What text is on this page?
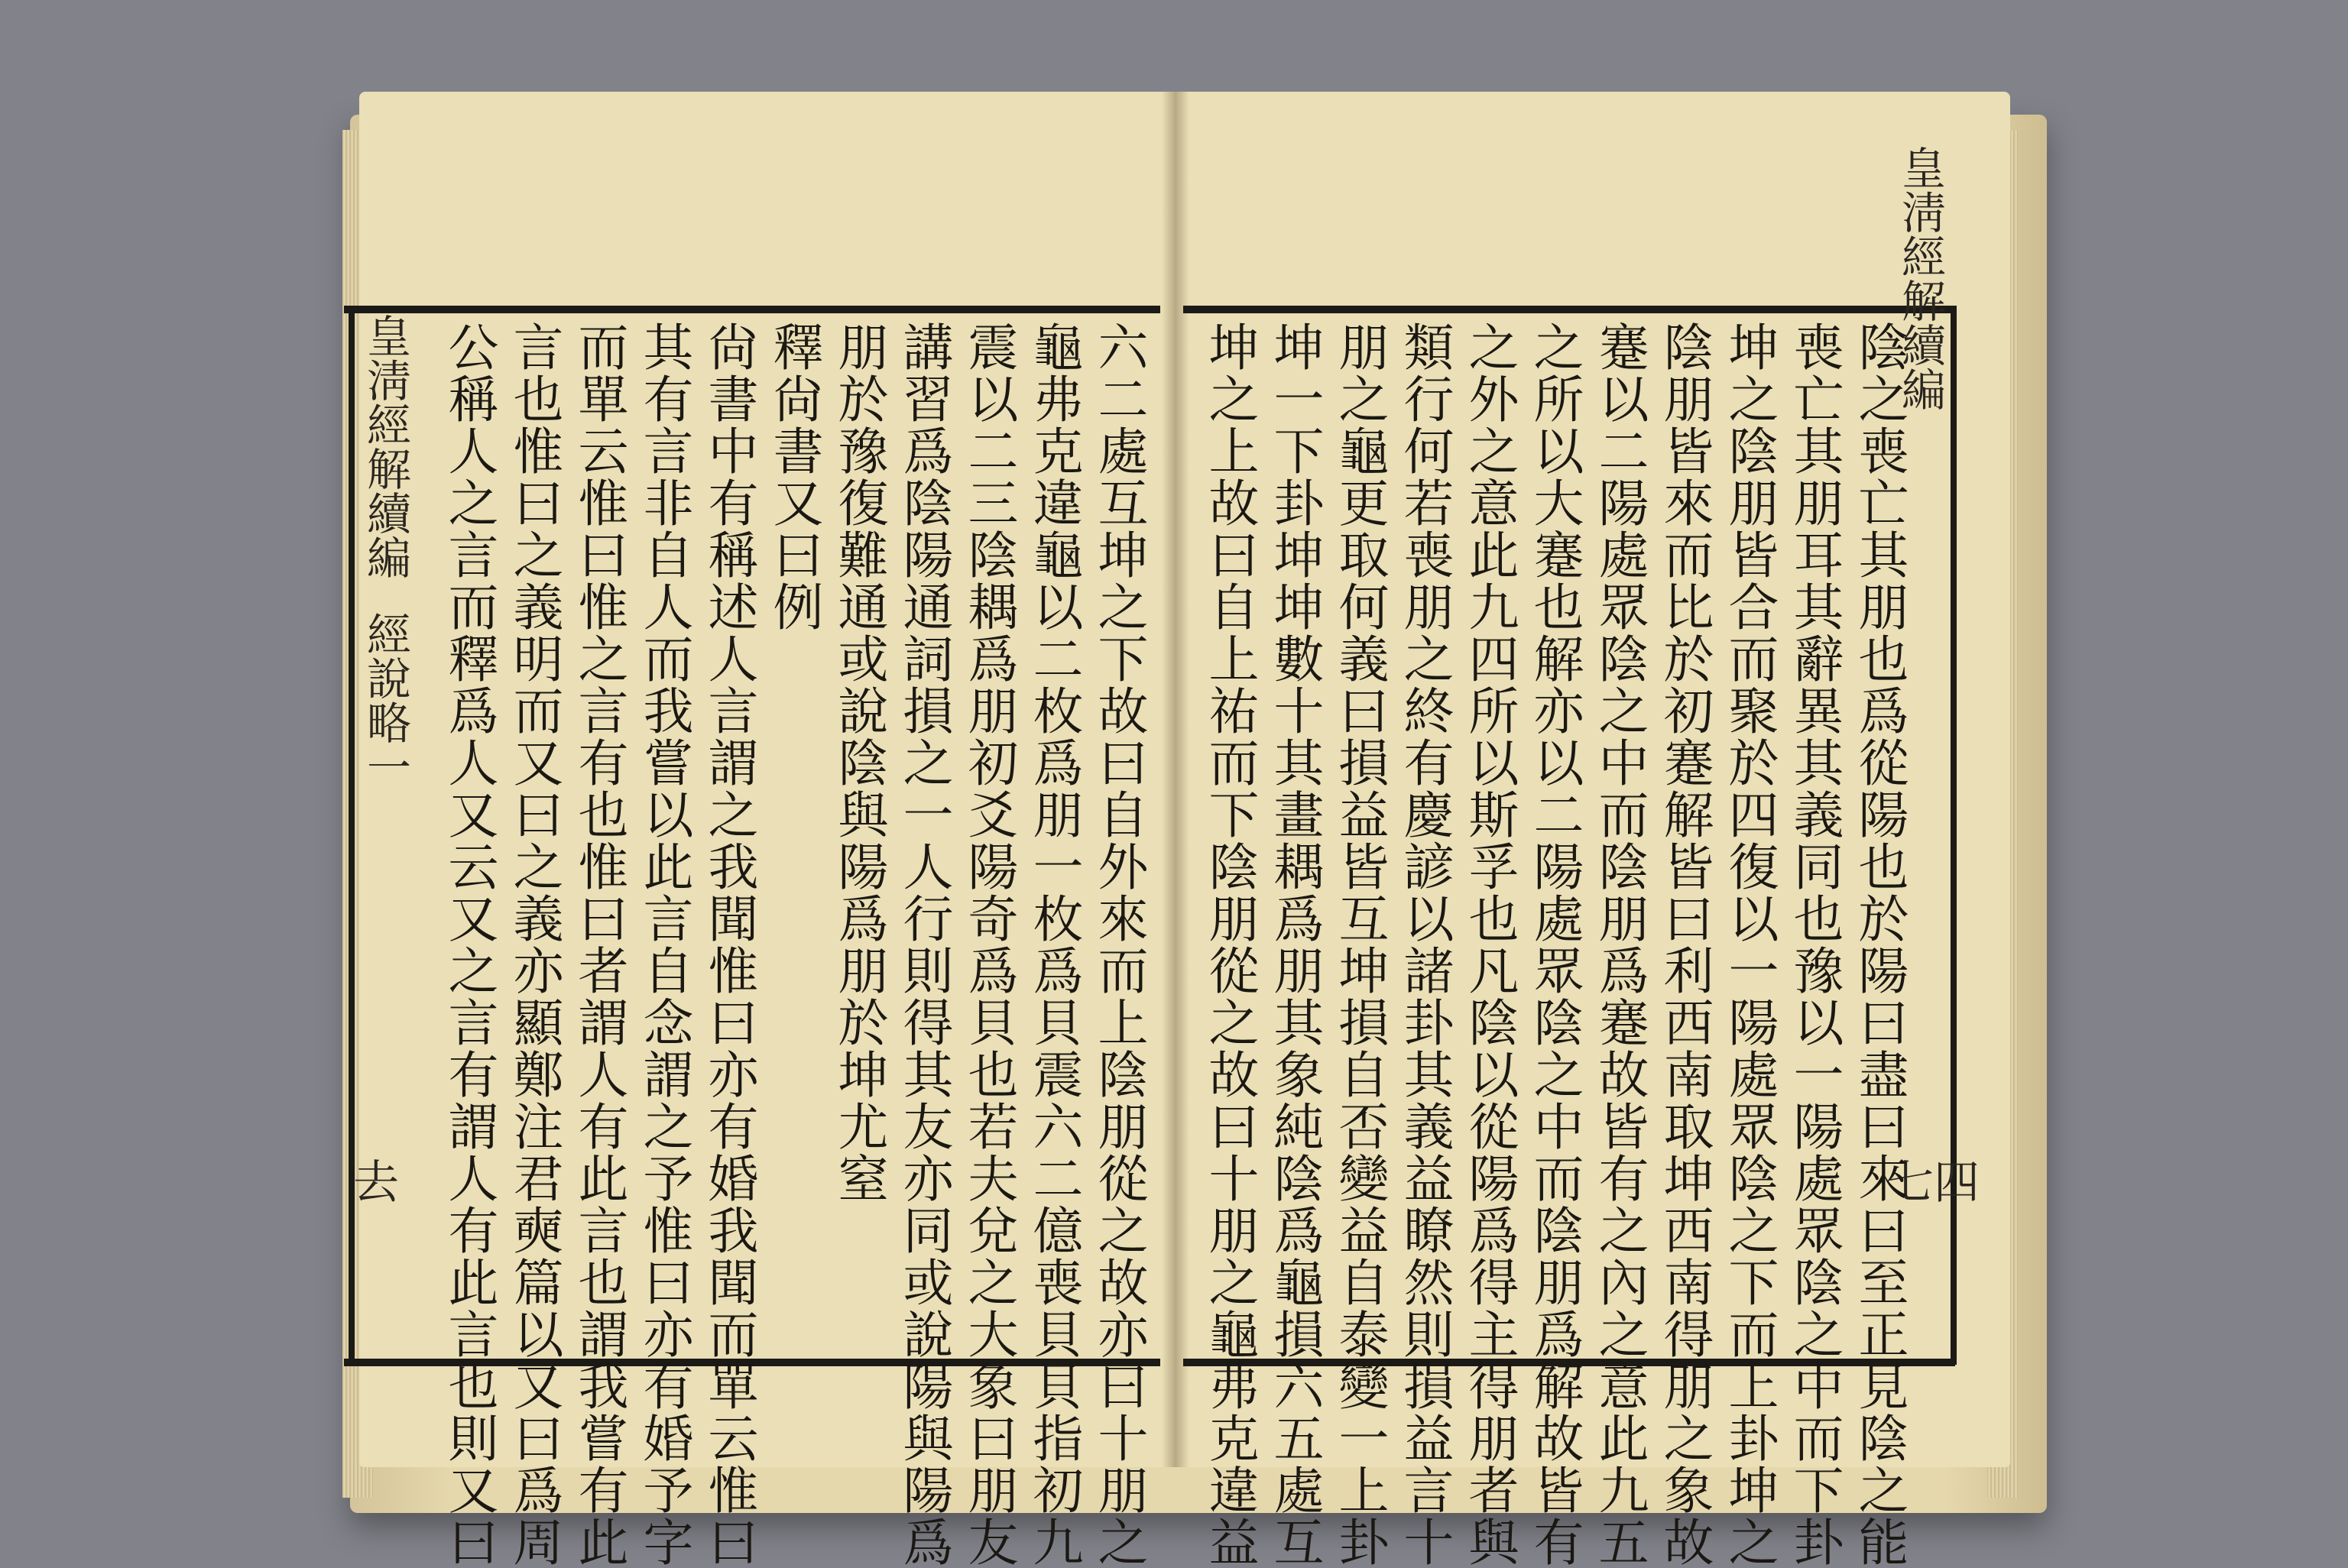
皇淸經解續編
經說略一
去
皇淸經解續編
七四
陰之喪亡其朋也爲從陽也於陽曰盡曰來曰至正見陰之能
喪亡其朋耳其辭異其義同也豫以一陽處眾陰之中而下卦
坤之陰朋皆合而聚於四復以一陽處眾陰之下而上卦坤之
陰朋皆來而比於初蹇解皆曰利西南取坤西南得朋之象故
蹇以二陽處眾陰之中而陰朋爲蹇故皆有之內之意此九五
之所以大蹇也解亦以二陽處眾陰之中而陰朋爲解故皆有
之外之意此九四所以斯孚也凡陰以從陽爲得主得朋者與
類行何若喪朋之終有慶諺以諸卦其義益瞭然則損益言十
朋之龜更取何義曰損益皆互坤損自否變益自泰變一上卦
坤一下卦坤坤數十其畫耦爲朋其象純陰爲龜損六五處互
坤之上故曰自上祐而下陰朋從之故曰十朋之龜弗克違益
六二處互坤之下故曰自外來而上陰朋從之故亦曰十朋之
龜弗克違龜以二枚爲朋一枚爲貝震六二億喪貝貝指初九
震以二三陰耦爲朋初爻陽奇爲貝也若夫兌之大象曰朋友
講習爲陰陽通詞損之一人行則得其友亦同或說陽與陽爲
朋於豫復難通或說陰與陽爲朋於坤尤窒
釋尙書又曰例
尙書中有稱述人言謂之我聞惟曰亦有婚我聞而單云惟曰
其有言非自人而我嘗以此言自念謂之予惟曰亦有婚予字
而單云惟曰惟之言有也惟曰者謂人有此言也謂我嘗有此
言也惟曰之義明而又曰之義亦顯鄭注君奭篇以又曰爲周
公稱人之言而釋爲人又云又之言有謂人有此言也則又曰
